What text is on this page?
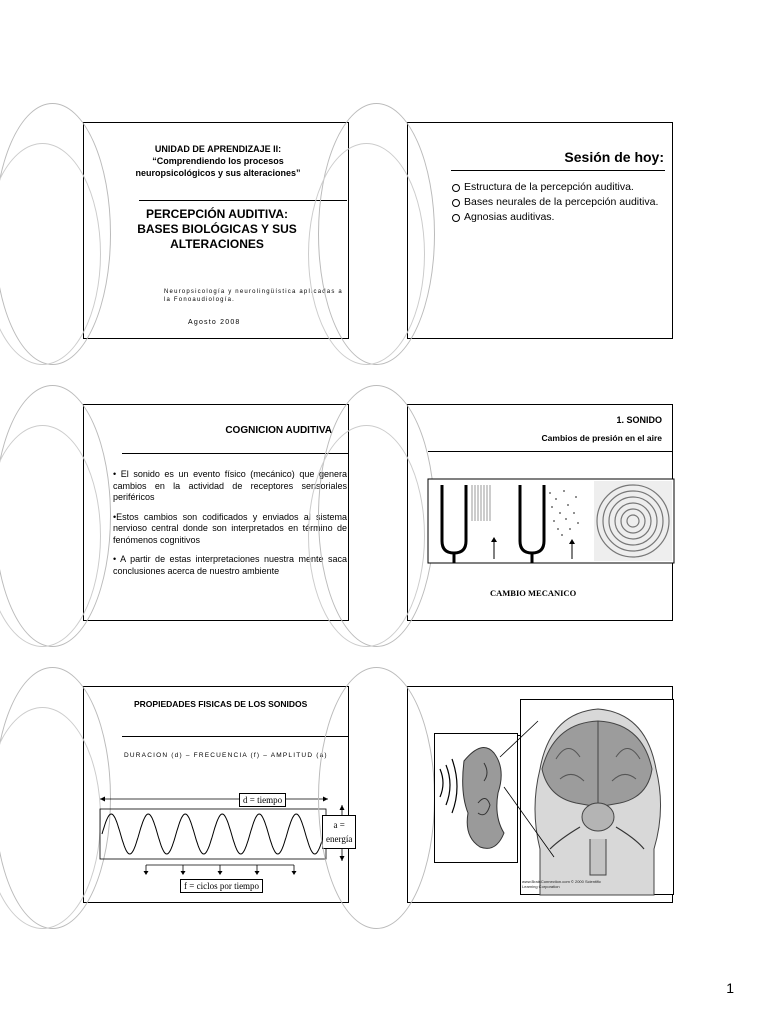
UNIDAD DE APRENDIZAJE II: “Comprendiendo los procesos neuropsicológicos y sus alteraciones”
PERCEPCIÓN AUDITIVA: BASES BIOLÓGICAS Y SUS ALTERACIONES
Neuropsicología y neurolingüística aplicadas a la Fonoaudiología.
Agosto 2008
Sesión de hoy:
Estructura de la percepción auditiva.
Bases neurales de la percepción auditiva.
Agnosias auditivas.
COGNICION AUDITIVA

• El sonido es un evento físico (mecánico) que genera cambios en la actividad de receptores sensoriales periféricos

•Estos cambios son codificados y enviados al sistema nervioso central donde son interpretados en término de fenómenos cognitivos

• A partir de estas interpretaciones nuestra mente saca conclusiones acerca de nuestro ambiente

1. SONIDO
Cambios de presión en el aire
CAMBIO MECANICO
PROPIEDADES FISICAS DE LOS SONIDOS
DURACION (d) – FRECUENCIA (f) – AMPLITUD (a)
d = tiempo
a =
energía
f = ciclos por tiempo	www.BrainConnection.com © 2000 Scientific Learning Corporation
1
